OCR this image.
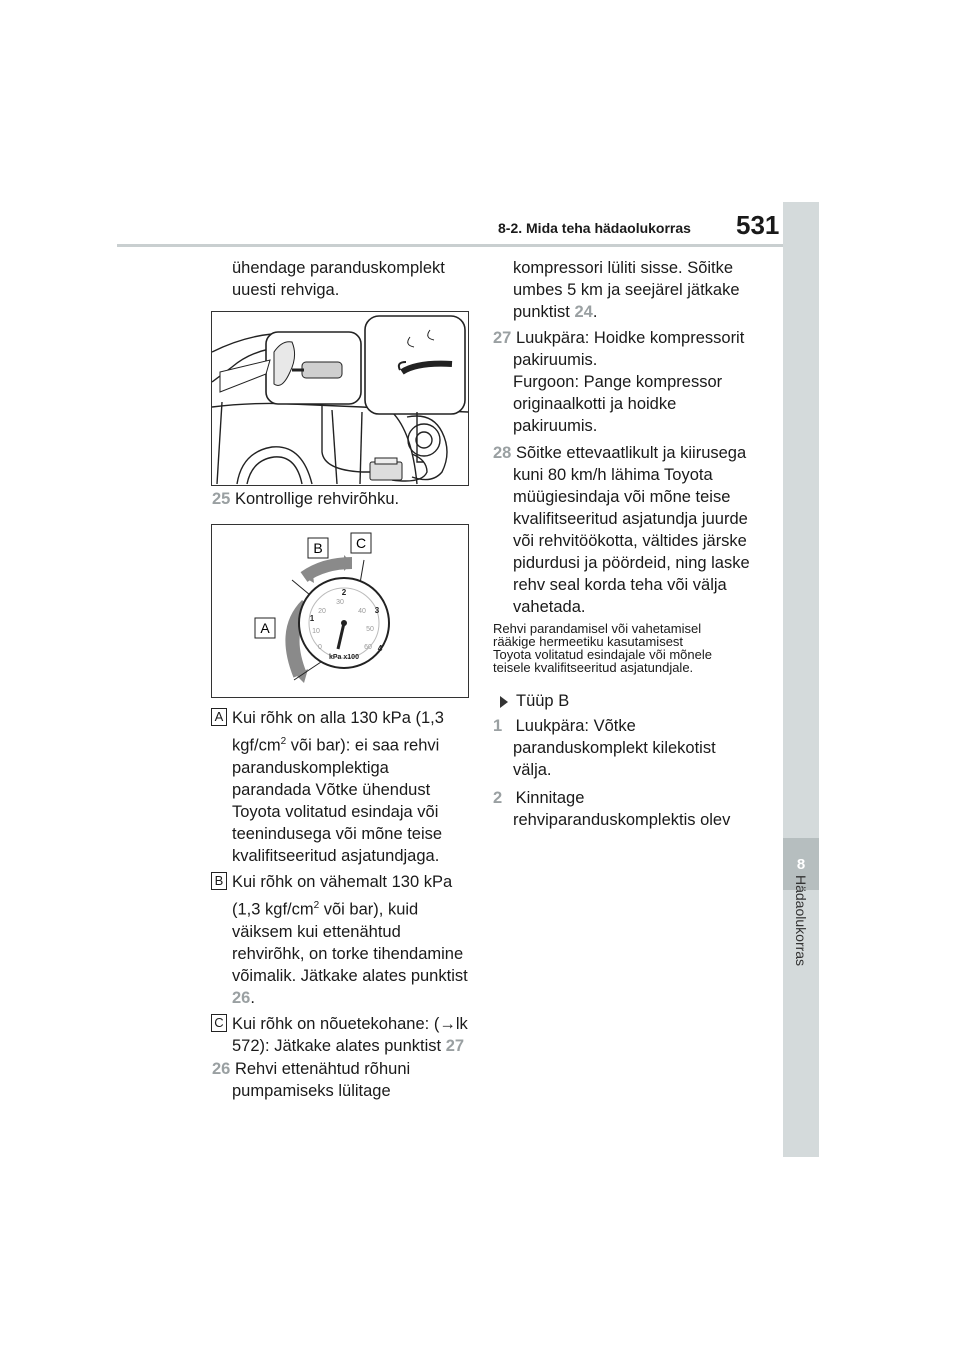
8-2. Mida teha hädaolukorras 531
8
Hädaolukorras
ühendage paranduskomplekt
uuesti rehviga.
25 Kontrollige rehvirõhku.
0
10
20
30
40
50
60
1
2
3
4
kPa x100
B C
A
A Kui rõhk on alla 130 kPa (1,3
kgf/$cm^2$ või bar): ei saa rehvi
paranduskomplektiga
parandada Võtke ühendust
Toyota volitatud esindaja või
teenindusega või mõne teise
kvalifitseeritud asjatundjaga.
B Kui rõhk on vähemalt 130 kPa
(1,3 kgf/$cm^2$ või bar), kuid
väiksem kui ettenähtud
rehvirõhk, on torke tihendamine
võimalik. Jätkake alates punktist
26.
C Kui rõhk on nõuetekohane: (→lk
572): Jätkake alates punktist 27
26 Rehvi ettenähtud rõhuni
pumpamiseks lülitage
kompressori lüliti sisse. Sõitke
umbes 5 km ja seejärel jätkake
punktist 24.
27 Luukpära: Hoidke kompressorit
pakiruumis.
Furgoon: Pange kompressor
originaalkotti ja hoidke
pakiruumis.
28 Sõitke ettevaatlikult ja kiirusega
kuni 80 km/h lähima Toyota
müügiesindaja või mõne teise
kvalifitseeritud asjatundja juurde
või rehvitöökotta, vältides järske
pidurdusi ja pöördeid, ning laske
rehv seal korda teha või välja
vahetada.
Rehvi parandamisel või vahetamisel
rääkige hermeetiku kasutamisest
Toyota volitatud esindajale või mõnele
teisele kvalifitseeritud asjatundjale.
Tüüp B
1 Luukpära: Võtke
paranduskomplekt kilekotist
välja.
2 Kinnitage
rehviparanduskomplektis olev
